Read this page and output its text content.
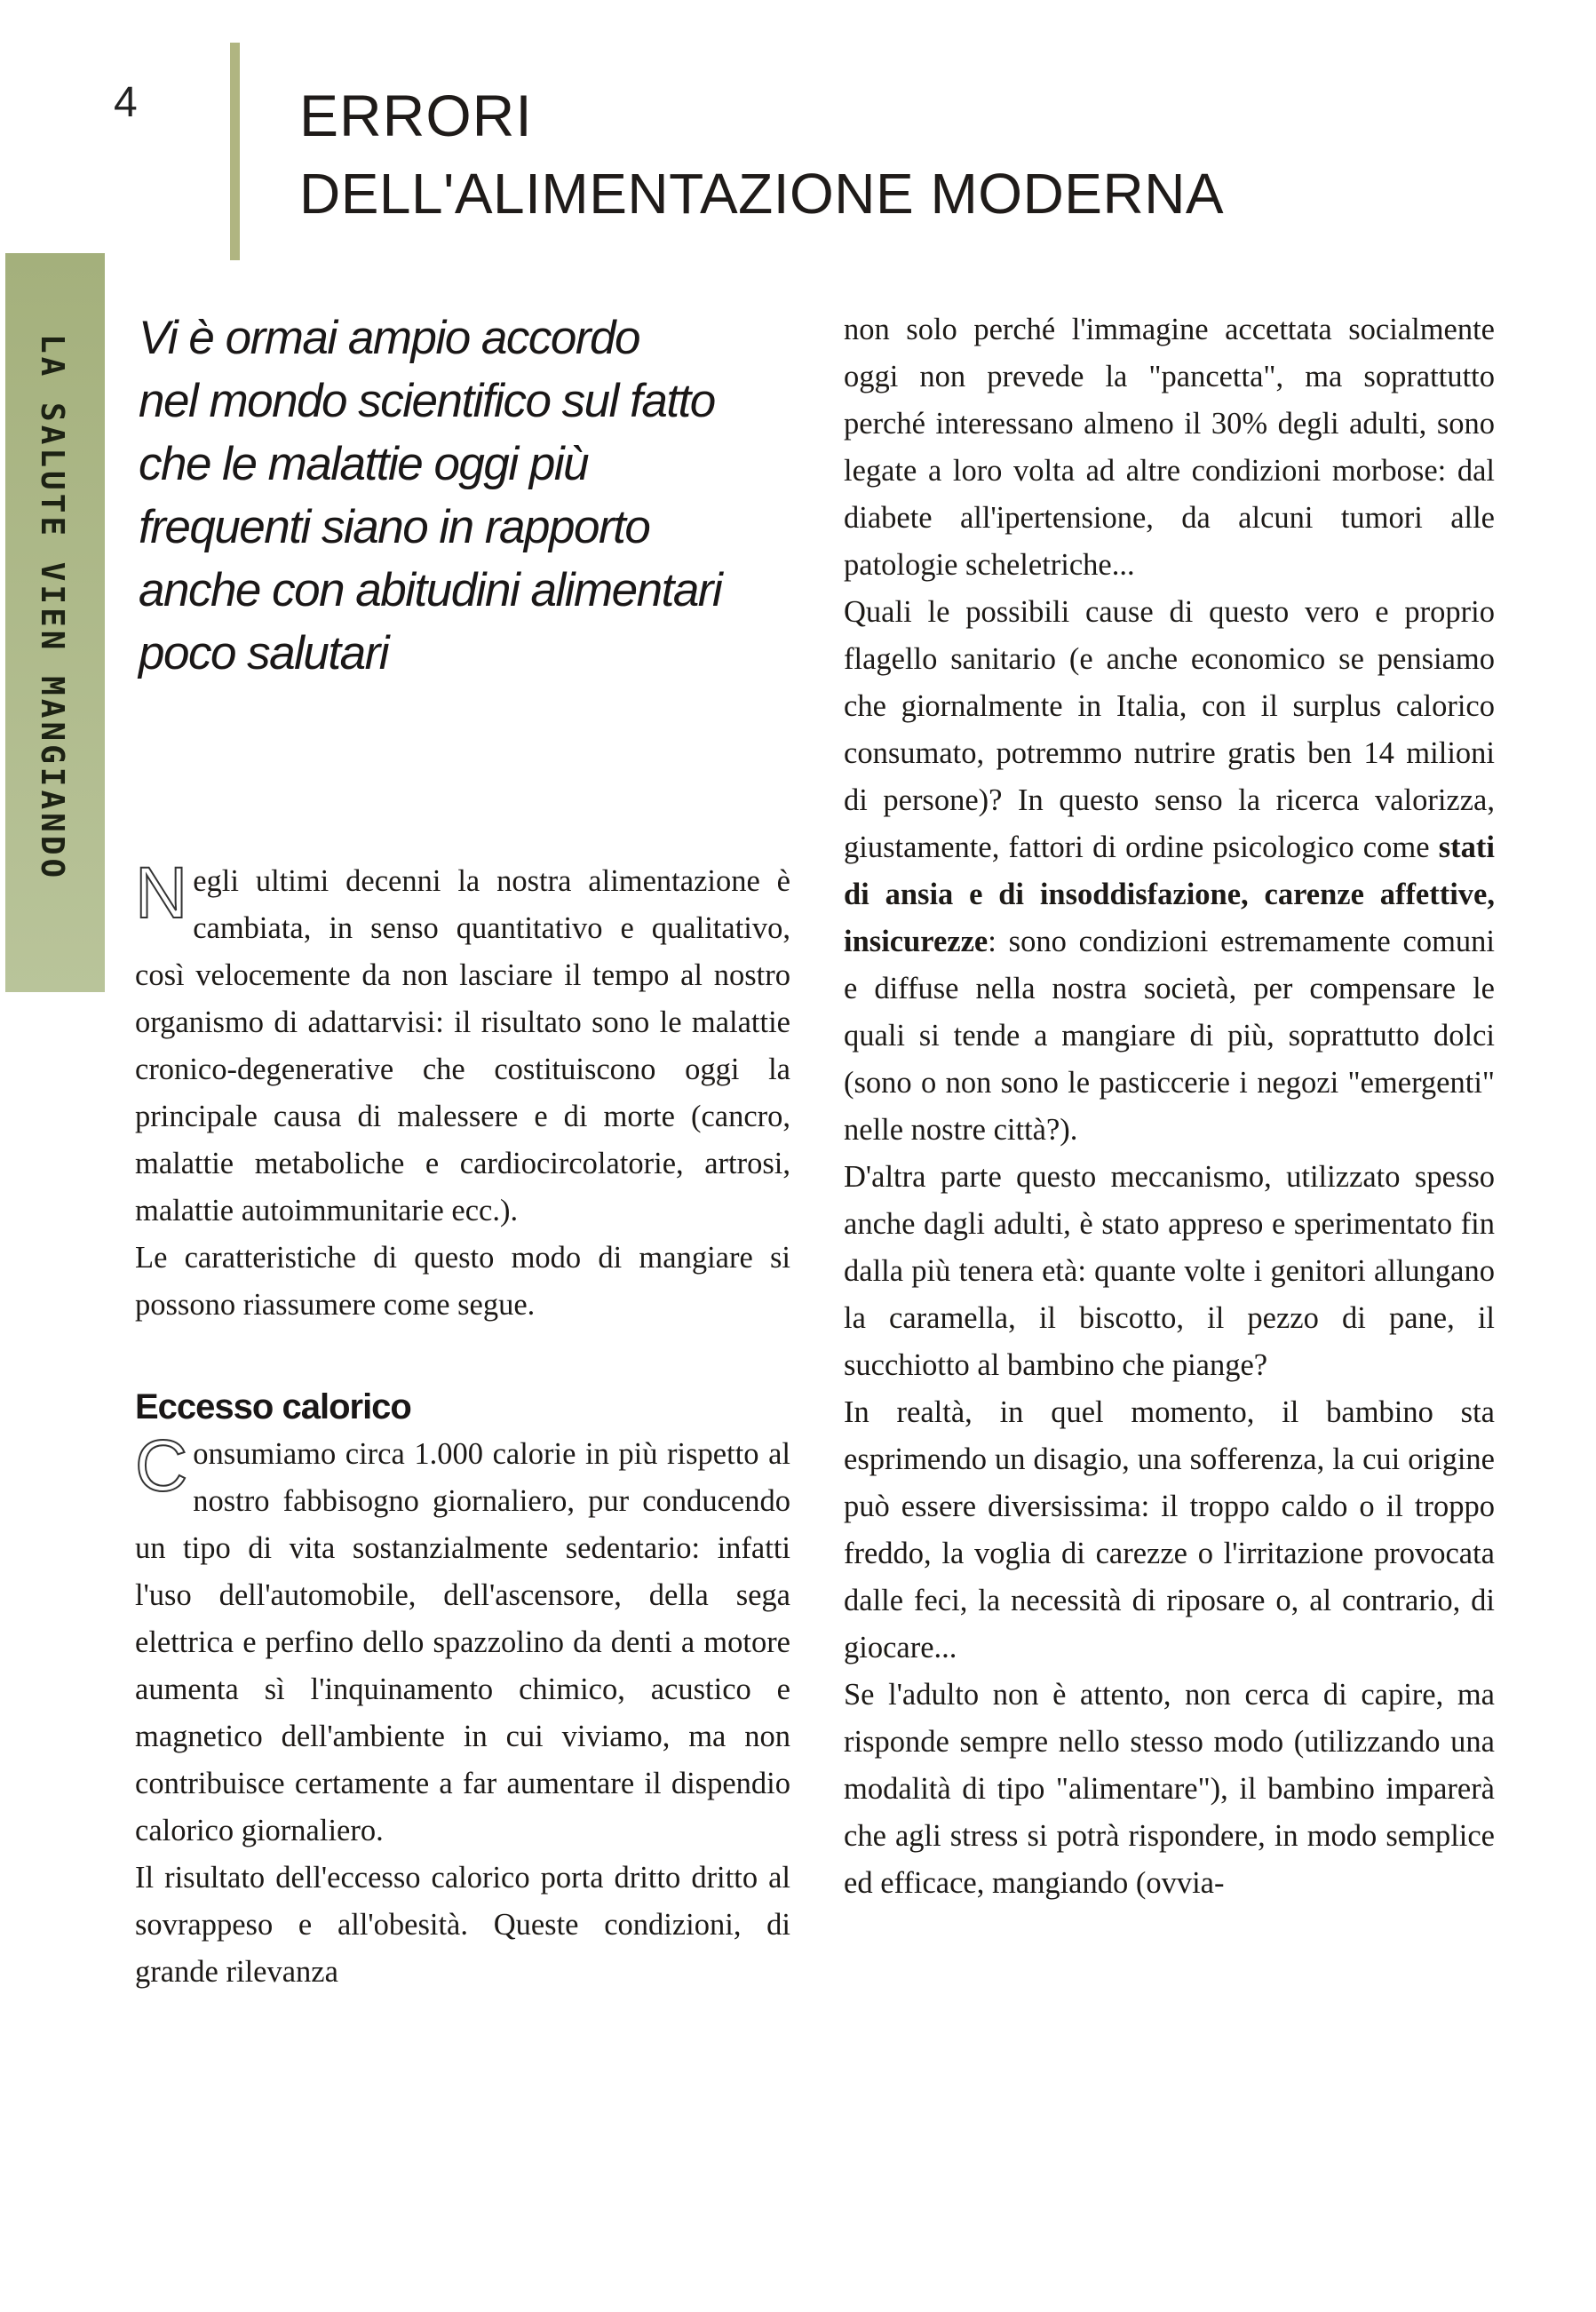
4	ERRORI
DELL'ALIMENTAZIONE MODERNA
LA SALUTE VIEN MANGIANDO Vi è ormai ampio accordo

nel mondo scientifico sul fatto

che le malattie oggi più

frequenti siano in rapporto

anche con abitudini alimentari

poco salutari

Negli ultimi decenni la nostra alimentazione è cambiata, in senso quantitativo e qualitativo, così velocemente da non lasciare il tempo al nostro organismo di adattarvisi: il risultato sono le malattie cronico-degenerative che costituiscono oggi la principale causa di malessere e di morte (cancro, malattie metaboliche e cardiocircolatorie, artrosi, malattie autoimmunitarie ecc.).

Le caratteristiche di questo modo di mangiare si possono riassumere come segue.

Eccesso calorico

Consumiamo circa 1.000 calorie in più rispetto al nostro fabbisogno giornaliero, pur conducendo un tipo di vita sostanzialmente sedentario: infatti l'uso dell'automobile, dell'ascensore, della sega elettrica e perfino dello spazzolino da denti a motore aumenta sì l'inquinamento chimico, acustico e magnetico dell'ambiente in cui viviamo, ma non contribuisce certamente a far aumentare il dispendio calorico giornaliero.

Il risultato dell'eccesso calorico porta dritto dritto al sovrappeso e all'obesità. Queste condizioni, di grande rilevanza

non solo perché l'immagine accettata socialmente oggi non prevede la "pancetta", ma soprattutto perché interessano almeno il 30% degli adulti, sono legate a loro volta ad altre condizioni morbose: dal diabete all'ipertensione, da alcuni tumori alle patologie scheletriche...

Quali le possibili cause di questo vero e proprio flagello sanitario (e anche economico se pensiamo che giornalmente in Italia, con il surplus calorico consumato, potremmo nutrire gratis ben 14 milioni di persone)? In questo senso la ricerca valorizza, giustamente, fattori di ordine psicologico come stati di ansia e di insoddisfazione, carenze affettive, insicurezze: sono condizioni estremamente comuni e diffuse nella nostra società, per compensare le quali si tende a mangiare di più, soprattutto dolci (sono o non sono le pasticcerie i negozi "emergenti" nelle nostre città?).

D'altra parte questo meccanismo, utilizzato spesso anche dagli adulti, è stato appreso e sperimentato fin dalla più tenera età: quante volte i genitori allungano la caramella, il biscotto, il pezzo di pane, il succhiotto al bambino che piange?

In realtà, in quel momento, il bambino sta esprimendo un disagio, una sofferenza, la cui origine può essere diversissima: il troppo caldo o il troppo freddo, la voglia di carezze o l'irritazione provocata dalle feci, la necessità di riposare o, al contrario, di giocare...

Se l'adulto non è attento, non cerca di capire, ma risponde sempre nello stesso modo (utilizzando una modalità di tipo "alimentare"), il bambino imparerà che agli stress si potrà rispondere, in modo semplice ed efficace, mangiando (ovvia-
